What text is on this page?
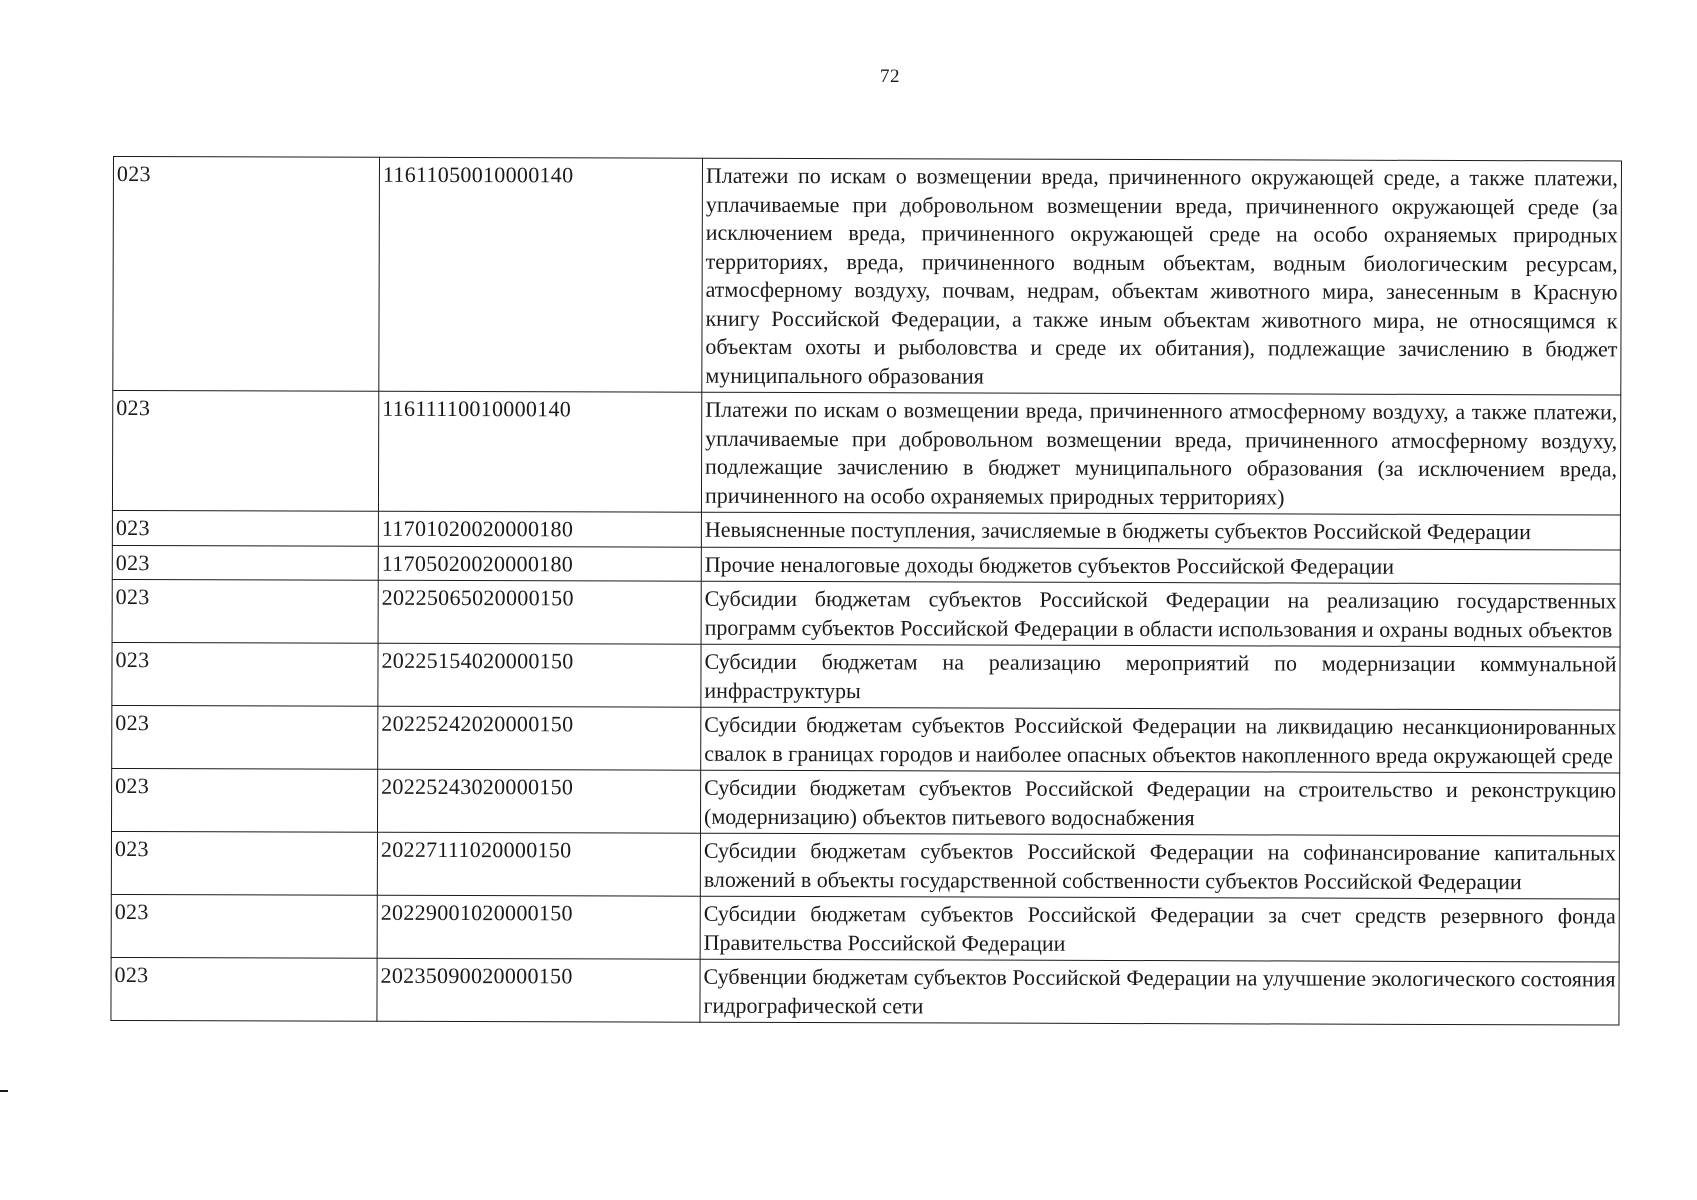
72
023	11611050010000140	Платежи по искам о возмещении вреда, причиненного окружающей среде, а также платежи, уплачиваемые при добровольном возмещении вреда, причиненного окружающей среде (за исключением вреда, причиненного окружающей среде на особо охраняемых природных территориях, вреда, причиненного водным объектам, водным биологическим ресурсам, атмосферному воздуху, почвам, недрам, объектам животного мира, занесенным в Красную книгу Российской Федерации, а также иным объектам животного мира, не относящимся к объектам охоты и рыболовства и среде их обитания), подлежащие зачислению в бюджет муниципального образования
023	11611110010000140	Платежи по искам о возмещении вреда, причиненного атмосферному воздуху, а также платежи, уплачиваемые при добровольном возмещении вреда, причиненного атмосферному воздуху, подлежащие зачислению в бюджет муниципального образования (за исключением вреда, причиненного на особо охраняемых природных территориях)
023	11701020020000180	Невыясненные поступления, зачисляемые в бюджеты субъектов Российской Федерации
023	11705020020000180	Прочие неналоговые доходы бюджетов субъектов Российской Федерации
023	20225065020000150	Субсидии бюджетам субъектов Российской Федерации на реализацию государственных программ субъектов Российской Федерации в области использования и охраны водных объектов
023	20225154020000150	Субсидии бюджетам на реализацию мероприятий по модернизации коммунальной инфраструктуры
023	20225242020000150	Субсидии бюджетам субъектов Российской Федерации на ликвидацию несанкционированных свалок в границах городов и наиболее опасных объектов накопленного вреда окружающей среде
023	20225243020000150	Субсидии бюджетам субъектов Российской Федерации на строительство и реконструкцию (модернизацию) объектов питьевого водоснабжения
023	20227111020000150	Субсидии бюджетам субъектов Российской Федерации на софинансирование капитальных вложений в объекты государственной собственности субъектов Российской Федерации
023	20229001020000150	Субсидии бюджетам субъектов Российской Федерации за счет средств резервного фонда Правительства Российской Федерации
023	20235090020000150	Субвенции бюджетам субъектов Российской Федерации на улучшение экологического состояния гидрографической сети
